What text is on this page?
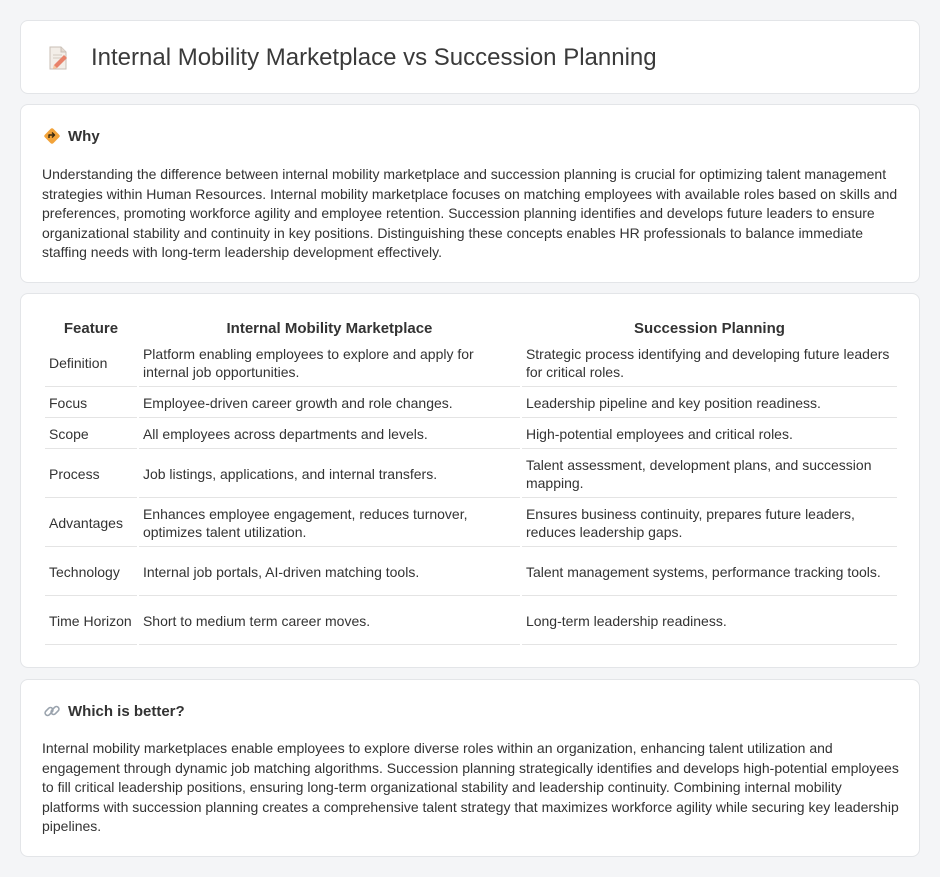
Internal Mobility Marketplace vs Succession Planning
Why

Understanding the difference between internal mobility marketplace and succession planning is crucial for optimizing talent management strategies within Human Resources. Internal mobility marketplace focuses on matching employees with available roles based on skills and preferences, promoting workforce agility and employee retention. Succession planning identifies and develops future leaders to ensure organizational stability and continuity in key positions. Distinguishing these concepts enables HR professionals to balance immediate staffing needs with long-term leadership development effectively.

Feature	Internal Mobility Marketplace	Succession Planning
Definition	Platform enabling employees to explore and apply for internal job opportunities.	Strategic process identifying and developing future leaders for critical roles.
Focus	Employee-driven career growth and role changes.	Leadership pipeline and key position readiness.
Scope	All employees across departments and levels.	High-potential employees and critical roles.
Process	Job listings, applications, and internal transfers.	Talent assessment, development plans, and succession mapping.
Advantages	Enhances employee engagement, reduces turnover, optimizes talent utilization.	Ensures business continuity, prepares future leaders, reduces leadership gaps.
Technology	Internal job portals, AI-driven matching tools.	Talent management systems, performance tracking tools.
Time Horizon	Short to medium term career moves.	Long-term leadership readiness.
Which is better?

Internal mobility marketplaces enable employees to explore diverse roles within an organization, enhancing talent utilization and engagement through dynamic job matching algorithms. Succession planning strategically identifies and develops high-potential employees to fill critical leadership positions, ensuring long-term organizational stability and leadership continuity. Combining internal mobility platforms with succession planning creates a comprehensive talent strategy that maximizes workforce agility while securing key leadership pipelines.
